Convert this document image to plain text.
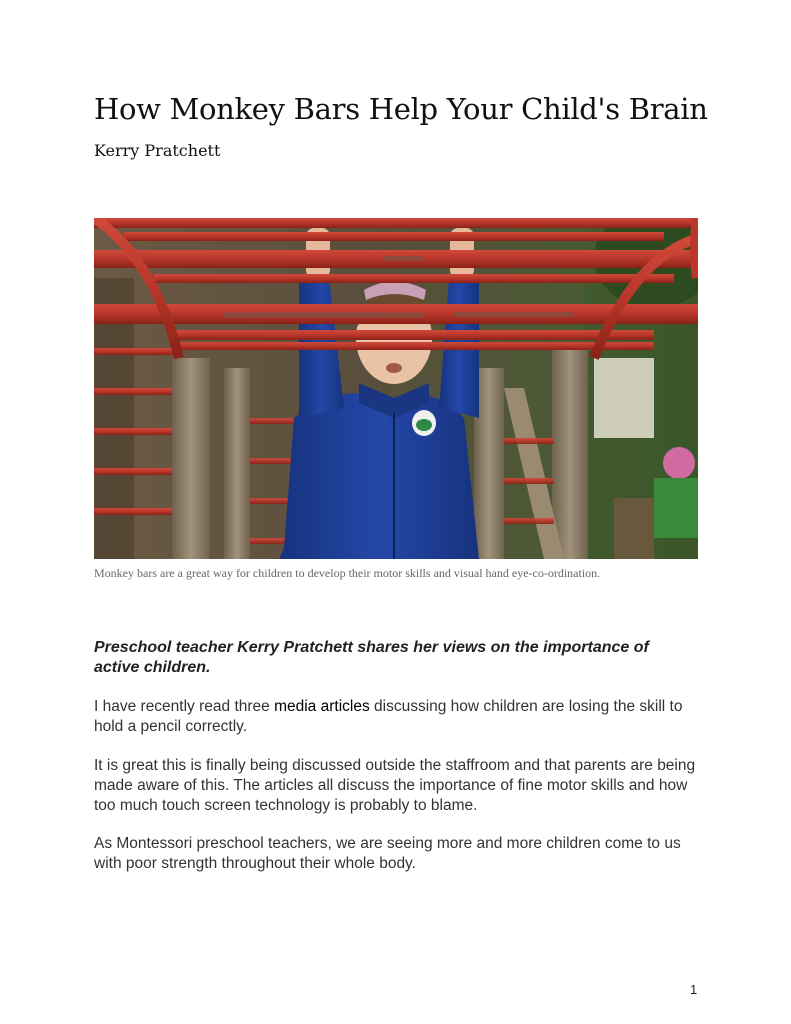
How Monkey Bars Help Your Child's Brain

Kerry Pratchett

Monkey bars are a great way for children to develop their motor skills and visual hand eye-co-ordination.

Preschool teacher Kerry Pratchett shares her views on the importance of active children.

I have recently read three media articles discussing how children are losing the skill to hold a pencil correctly.

It is great this is finally being discussed outside the staffroom and that parents are being made aware of this. The articles all discuss the importance of fine motor skills and how too much touch screen technology is probably to blame.

As Montessori preschool teachers, we are seeing more and more children come to us with poor strength throughout their whole body.

1
